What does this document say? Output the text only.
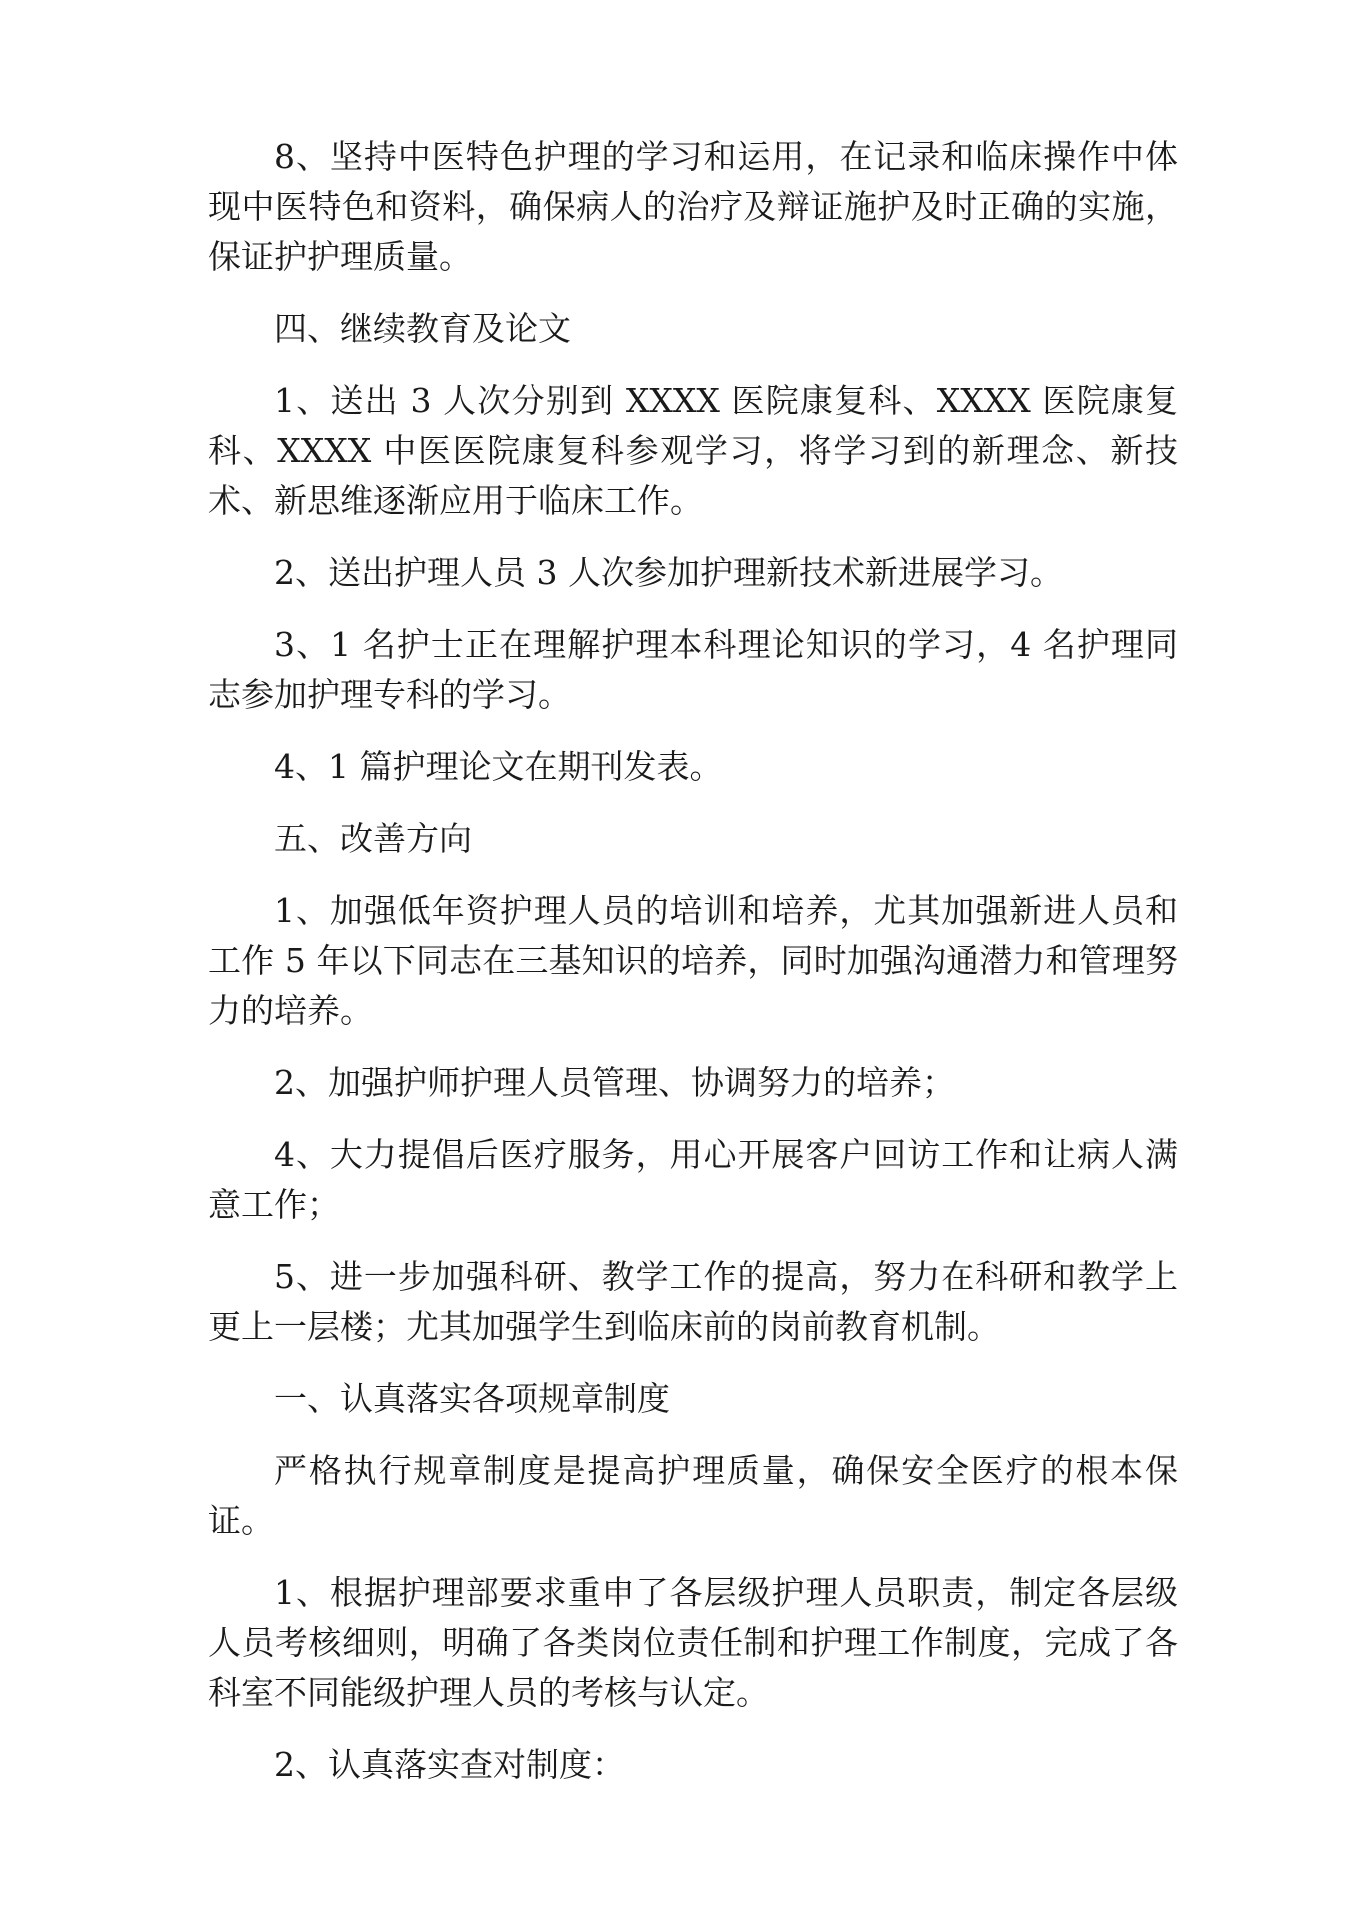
8、坚持中医特色护理的学习和运用，在记录和临床操作中体现中医特色和资料，确保病人的治疗及辩证施护及时正确的实施，保证护护理质量。

四、继续教育及论文

1、送出 3 人次分别到 XXXX 医院康复科、XXXX 医院康复科、XXXX 中医医院康复科参观学习，将学习到的新理念、新技术、新思维逐渐应用于临床工作。

2、送出护理人员 3 人次参加护理新技术新进展学习。

3、1 名护士正在理解护理本科理论知识的学习，4 名护理同志参加护理专科的学习。

4、1 篇护理论文在期刊发表。

五、改善方向

1、加强低年资护理人员的培训和培养，尤其加强新进人员和工作 5 年以下同志在三基知识的培养，同时加强沟通潜力和管理努力的培养。

2、加强护师护理人员管理、协调努力的培养；

4、大力提倡后医疗服务，用心开展客户回访工作和让病人满意工作；

5、进一步加强科研、教学工作的提高，努力在科研和教学上更上一层楼；尤其加强学生到临床前的岗前教育机制。

一、认真落实各项规章制度

严格执行规章制度是提高护理质量，确保安全医疗的根本保证。

1、根据护理部要求重申了各层级护理人员职责，制定各层级人员考核细则，明确了各类岗位责任制和护理工作制度，完成了各科室不同能级护理人员的考核与认定。

2、认真落实查对制度：
